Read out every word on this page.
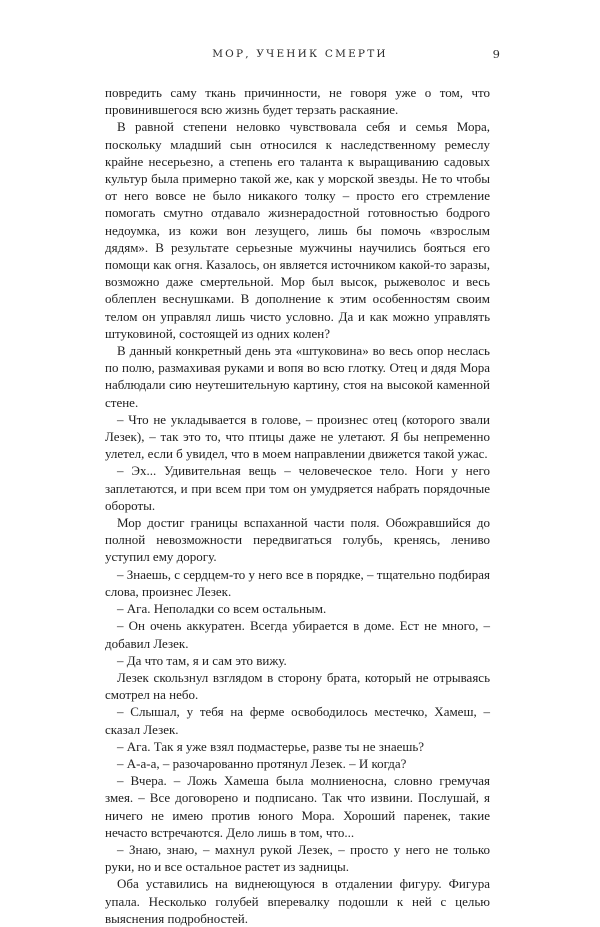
МОР, УЧЕНИК СМЕРТИ	9

повредить саму ткань причинности, не говоря уже о том, что провинившегося всю жизнь будет терзать раскаяние.

В равной степени неловко чувствовала себя и семья Мора, поскольку младший сын относился к наследственному ремеслу крайне несерьезно, а степень его таланта к выращиванию садовых культур была примерно такой же, как у морской звезды. Не то чтобы от него вовсе не было никакого толку – просто его стремление помогать смутно отдавало жизнерадостной готовностью бодрого недоумка, из кожи вон лезущего, лишь бы помочь «взрослым дядям». В результате серьезные мужчины научились бояться его помощи как огня. Казалось, он является источником какой-то заразы, возможно даже смертельной. Мор был высок, рыжеволос и весь облеплен веснушками. В дополнение к этим особенностям своим телом он управлял лишь чисто условно. Да и как можно управлять штуковиной, состоящей из одних колен?

В данный конкретный день эта «штуковина» во весь опор неслась по полю, размахивая руками и вопя во всю глотку. Отец и дядя Мора наблюдали сию неутешительную картину, стоя на высокой каменной стене.

– Что не укладывается в голове, – произнес отец (которого звали Лезек), – так это то, что птицы даже не улетают. Я бы непременно улетел, если б увидел, что в моем направлении движется такой ужас.

– Эх... Удивительная вещь – человеческое тело. Ноги у него заплетаются, и при всем при том он умудряется набрать порядочные обороты.

Мор достиг границы вспаханной части поля. Обожравшийся до полной невозможности передвигаться голубь, кренясь, лениво уступил ему дорогу.

– Знаешь, с сердцем-то у него все в порядке, – тщательно подбирая слова, произнес Лезек.

– Ага. Неполадки со всем остальным.

– Он очень аккуратен. Всегда убирается в доме. Ест не много, – добавил Лезек.

– Да что там, я и сам это вижу.

Лезек скользнул взглядом в сторону брата, который не отрываясь смотрел на небо.

– Слышал, у тебя на ферме освободилось местечко, Хамеш, – сказал Лезек.

– Ага. Так я уже взял подмастерье, разве ты не знаешь?

– А-а-а, – разочарованно протянул Лезек. – И когда?

– Вчера. – Ложь Хамеша была молниеносна, словно гремучая змея. – Все договорено и подписано. Так что извини. Послушай, я ничего не имею против юного Мора. Хороший паренек, такие нечасто встречаются. Дело лишь в том, что...

– Знаю, знаю, – махнул рукой Лезек, – просто у него не только руки, но и все остальное растет из задницы.

Оба уставились на виднеющуюся в отдалении фигуру. Фигура упала. Несколько голубей вперевалку подошли к ней с целью выяснения подробностей.
